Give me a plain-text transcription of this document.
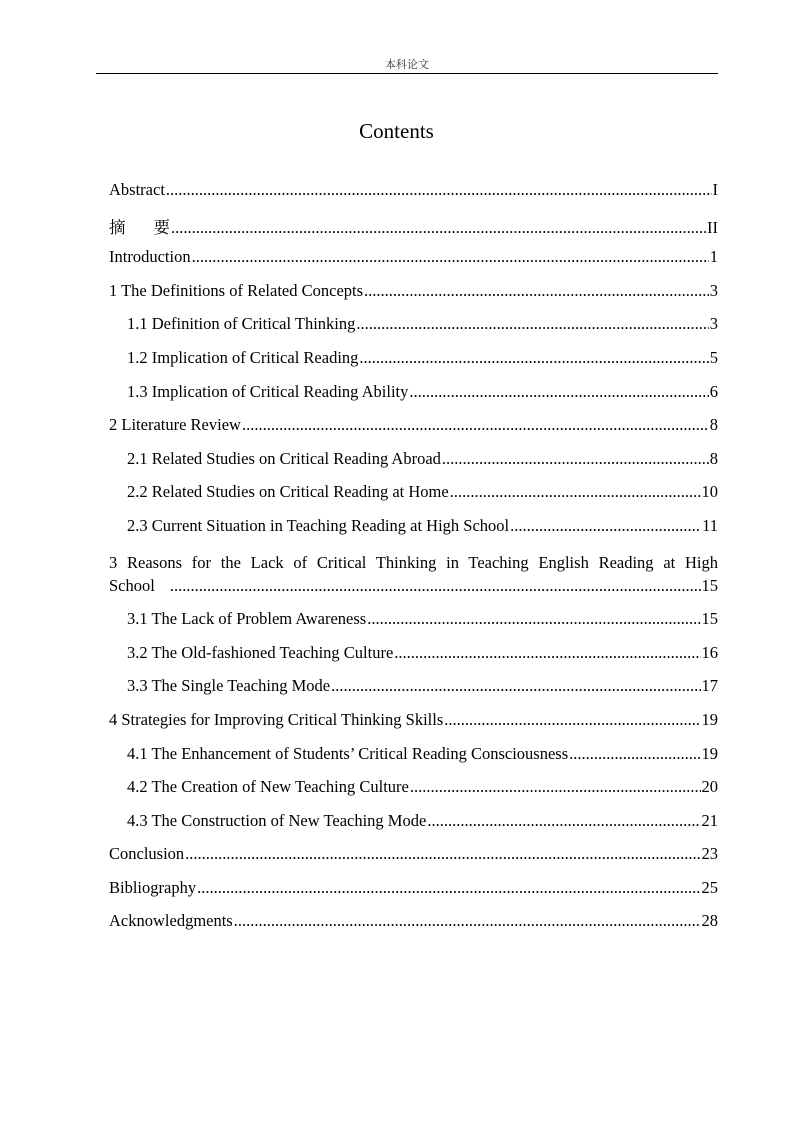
本科论文
Contents
Abstract .....	I
摘 要 .....	II
Introduction .....	1
1 The Definitions of Related Concepts .....	3
1.1 Definition of Critical Thinking .....	3
1.2 Implication of Critical Reading .....	5
1.3 Implication of Critical Reading Ability .....	6
2 Literature Review .....	8
2.1 Related Studies on Critical Reading Abroad .....	8
2.2 Related Studies on Critical Reading at Home .....	10
2.3 Current Situation in Teaching Reading at High School .....	11
3 Reasons for the Lack of Critical Thinking in Teaching English Reading at High
School .....	15
3.1 The Lack of Problem Awareness .....	15
3.2 The Old-fashioned Teaching Culture .....	16
3.3 The Single Teaching Mode .....	17
4 Strategies for Improving Critical Thinking Skills .....	19
4.1 The Enhancement of Students’ Critical Reading Consciousness .....	19
4.2 The Creation of New Teaching Culture .....	20
4.3 The Construction of New Teaching Mode .....	21
Conclusion .....	23
Bibliography .....	25
Acknowledgments .....	28
